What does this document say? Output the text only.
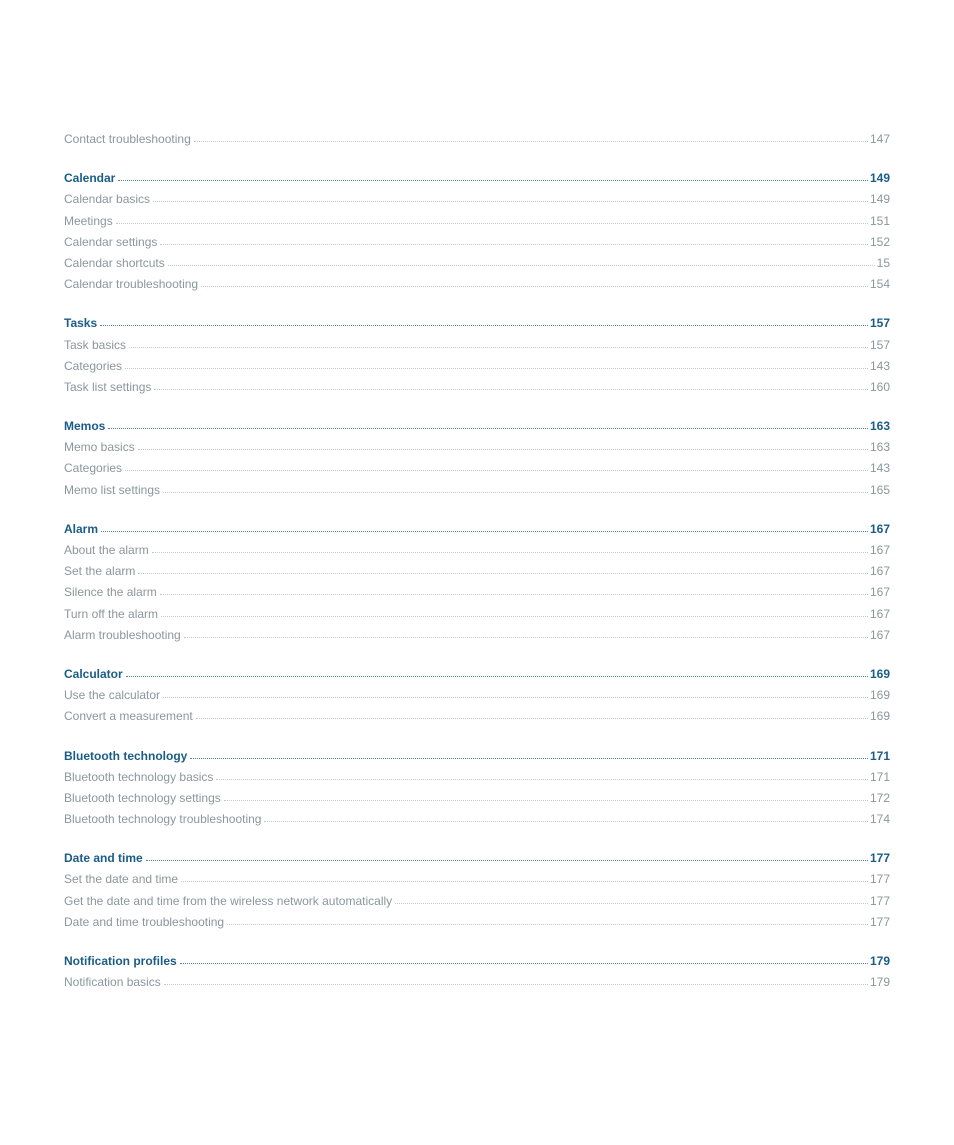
Contact troubleshooting	147
Calendar	149
Calendar basics	149
Meetings	151
Calendar settings	152
Calendar shortcuts	15
Calendar troubleshooting	154
Tasks	157
Task basics	157
Categories	143
Task list settings	160
Memos	163
Memo basics	163
Categories	143
Memo list settings	165
Alarm	167
About the alarm	167
Set the alarm	167
Silence the alarm	167
Turn off the alarm	167
Alarm troubleshooting	167
Calculator	169
Use the calculator	169
Convert a measurement	169
Bluetooth technology	171
Bluetooth technology basics	171
Bluetooth technology settings	172
Bluetooth technology troubleshooting	174
Date and time	177
Set the date and time	177
Get the date and time from the wireless network automatically	177
Date and time troubleshooting	177
Notification profiles	179
Notification basics	179
